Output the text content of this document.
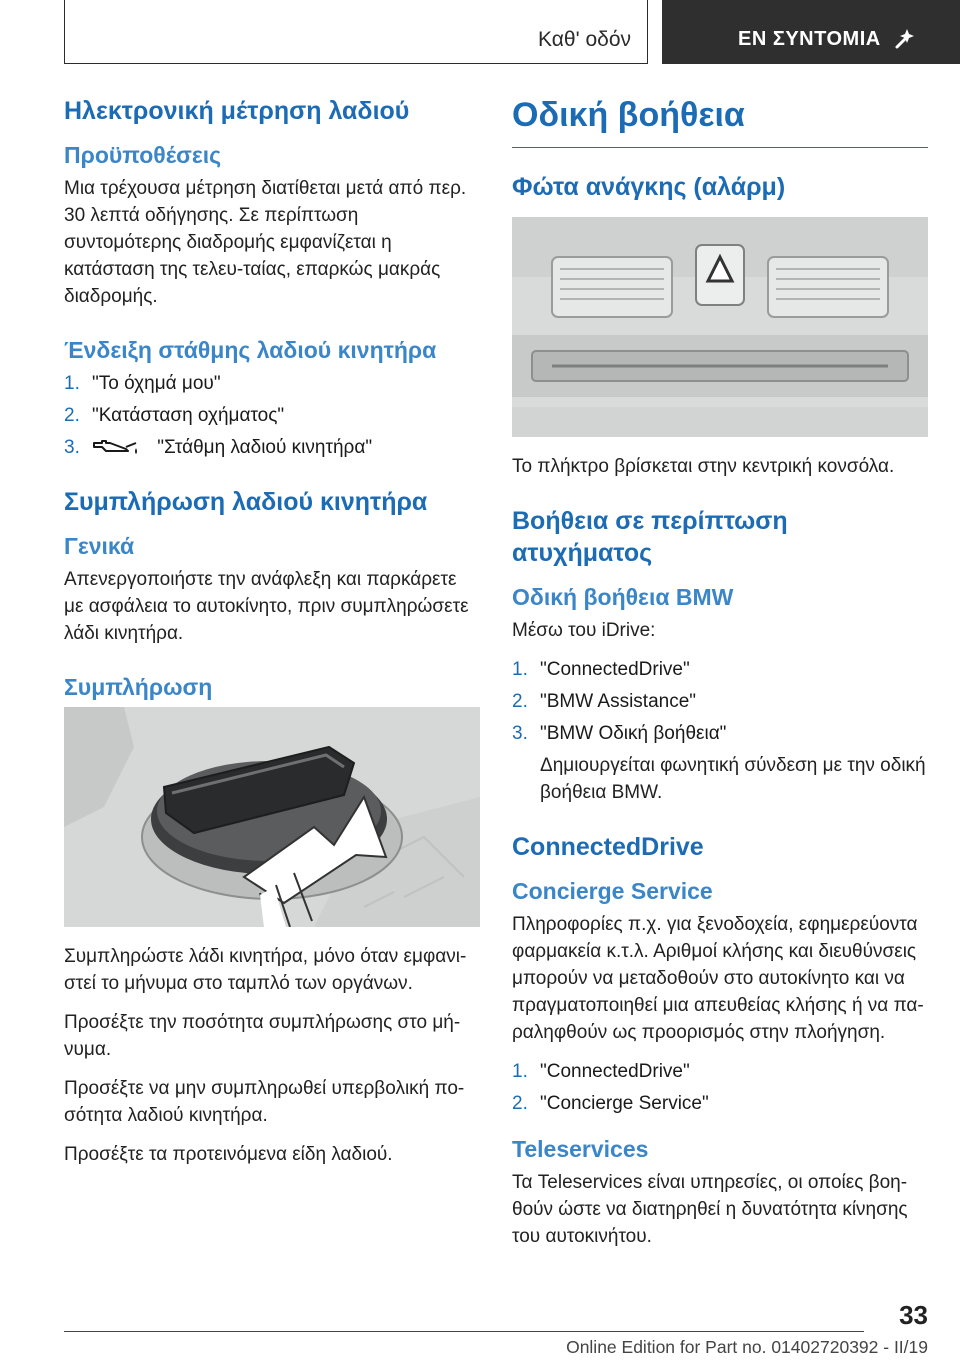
Καθ' οδόν	ΕΝ ΣΥΝΤΟΜΙΑ
Ηλεκτρονική μέτρηση λαδιού
Προϋποθέσεις

Μια τρέχουσα μέτρηση διατίθεται μετά από περ. 30 λεπτά οδήγησης. Σε περίπτωση συντομότερης διαδρομής εμφανίζεται η κατάσταση της τελευ-ταίας, επαρκώς μακράς διαδρομής.

Ένδειξη στάθμης λαδιού κινητήρα
1. "Το όχημά μου"
2. "Κατάσταση οχήματος"
3.	"Στάθμη λαδιού κινητήρα"
Συμπλήρωση λαδιού κινητήρα
Γενικά

Απενεργοποιήστε την ανάφλεξη και παρκάρετε με ασφάλεια το αυτοκίνητο, πριν συμπληρώσετε λάδι κινητήρα.

Συμπλήρωση

Συμπληρώστε λάδι κινητήρα, μόνο όταν εμφανι-στεί το μήνυμα στο ταμπλό των οργάνων.

Προσέξτε την ποσότητα συμπλήρωσης στο μή-νυμα.

Προσέξτε να μην συμπληρωθεί υπερβολική πο-σότητα λαδιού κινητήρα.

Προσέξτε τα προτεινόμενα είδη λαδιού.

Οδική βοήθεια
Φώτα ανάγκης (αλάρμ)

Το πλήκτρο βρίσκεται στην κεντρική κονσόλα.

Βοήθεια σε περίπτωση ατυχήματος
Οδική βοήθεια BMW

Μέσω του iDrive:

1. "ConnectedDrive"
2. "BMW Assistance"
3. "BMW Οδική βοήθεια"

Δημιουργείται φωνητική σύνδεση με την οδική βοήθεια BMW.

ConnectedDrive
Concierge Service

Πληροφορίες π.χ. για ξενοδοχεία, εφημερεύοντα φαρμακεία κ.τ.λ. Αριθμοί κλήσης και διευθύνσεις μπορούν να μεταδοθούν στο αυτοκίνητο και να πραγματοποιηθεί μια απευθείας κλήσης ή να πα-ραληφθούν ως προορισμός στην πλοήγηση.

1. "ConnectedDrive"
2. "Concierge Service"
Teleservices

Τα Teleservices είναι υπηρεσίες, οι οποίες βοη-θούν ώστε να διατηρηθεί η δυνατότητα κίνησης του αυτοκινήτου.

33
Online Edition for Part no. 01402720392 - II/19
